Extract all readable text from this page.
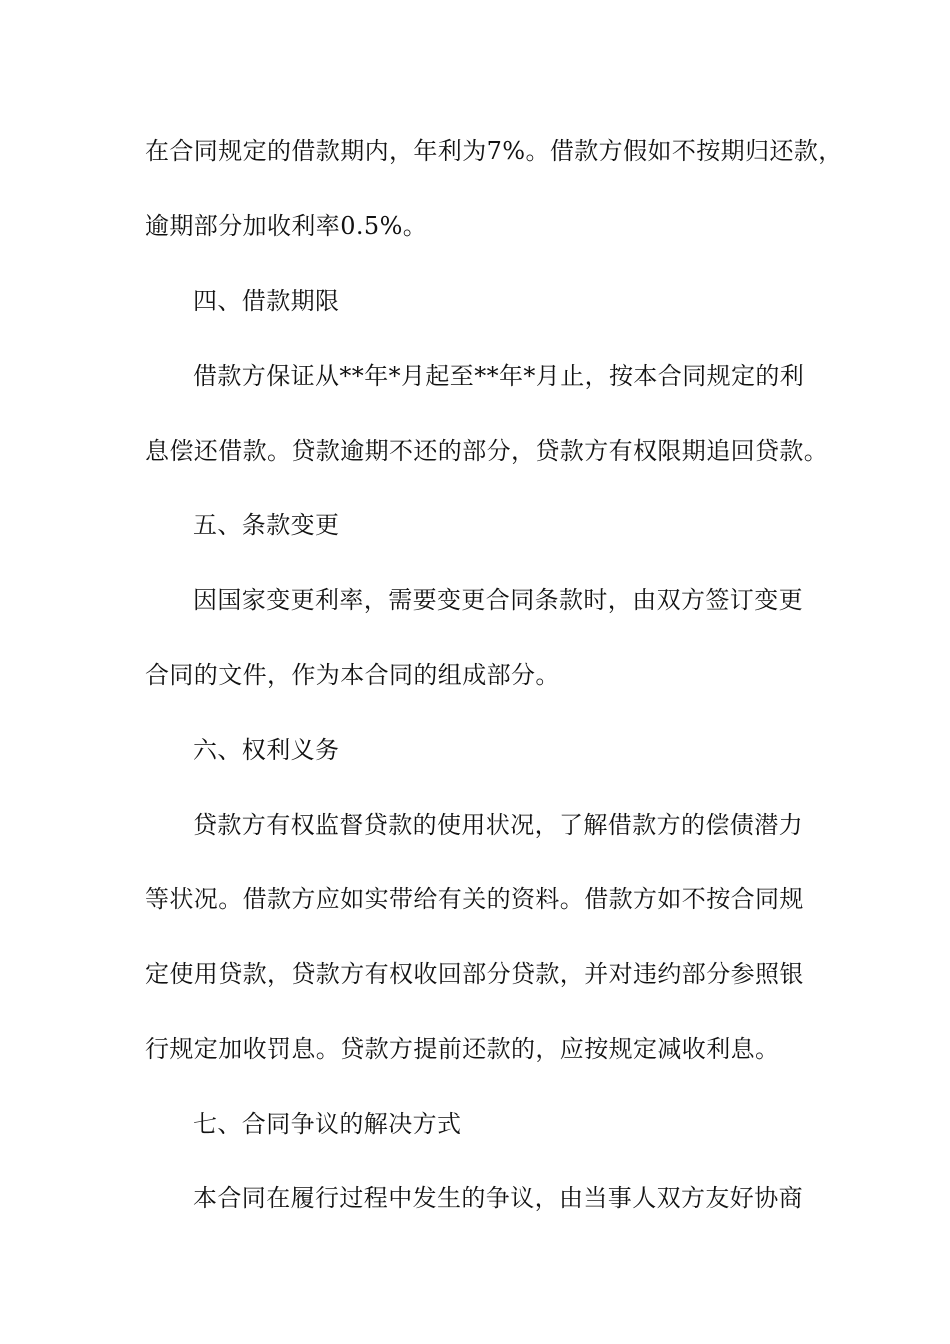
在合同规定的借款期内，年利为7%。借款方假如不按期归还款，
逾期部分加收利率0.5%。
四、借款期限
借款方保证从**年*月起至**年*月止，按本合同规定的利
息偿还借款。贷款逾期不还的部分，贷款方有权限期追回贷款。
五、条款变更
因国家变更利率，需要变更合同条款时，由双方签订变更
合同的文件，作为本合同的组成部分。
六、权利义务
贷款方有权监督贷款的使用状况，了解借款方的偿债潜力
等状况。借款方应如实带给有关的资料。借款方如不按合同规
定使用贷款，贷款方有权收回部分贷款，并对违约部分参照银
行规定加收罚息。贷款方提前还款的，应按规定减收利息。
七、合同争议的解决方式
本合同在履行过程中发生的争议，由当事人双方友好协商
